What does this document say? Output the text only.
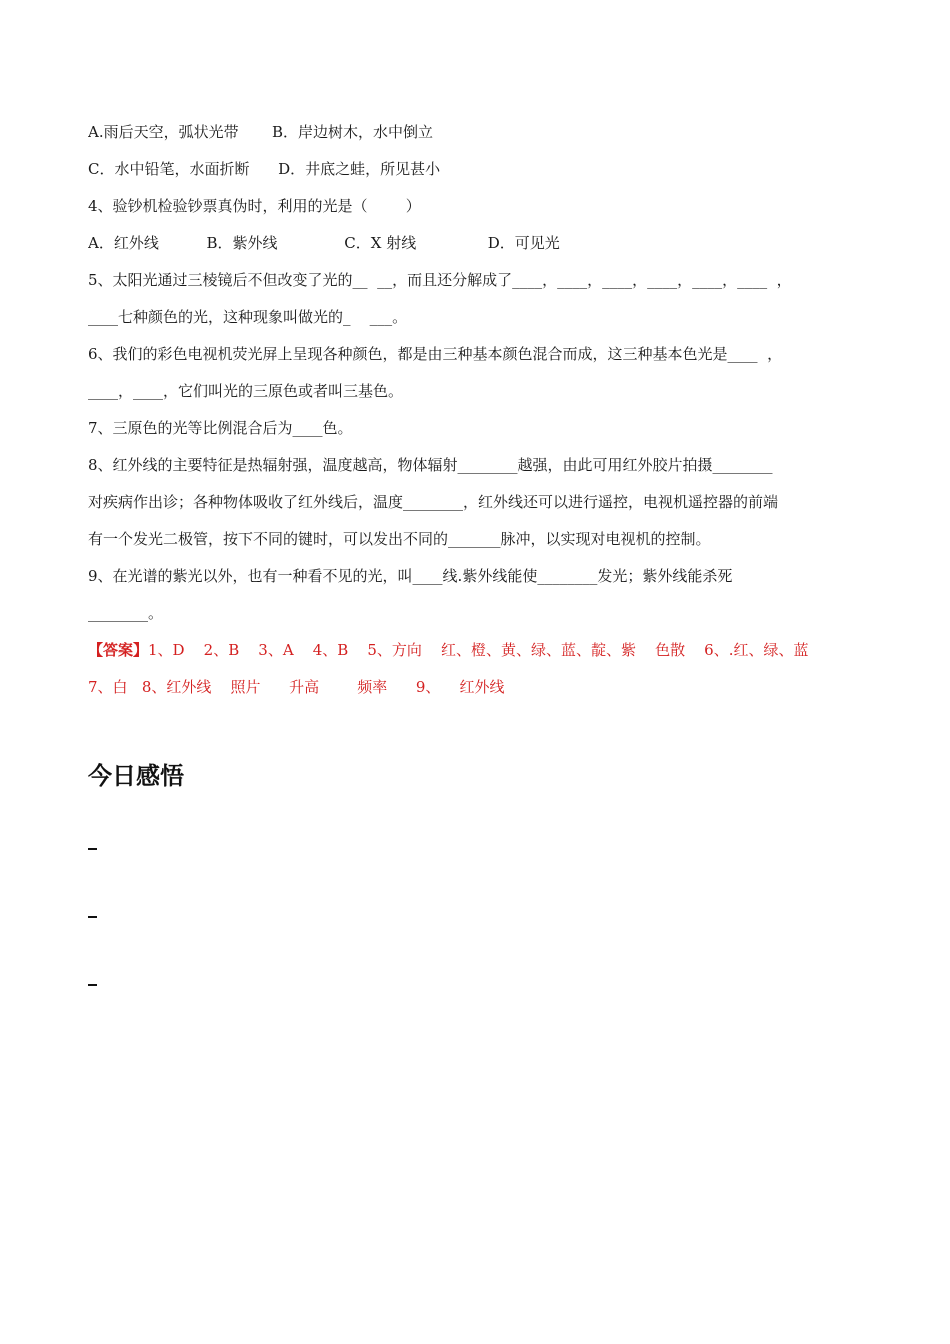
A.雨后天空，弧状光带       B．岸边树木，水中倒立
C．水中铅笔，水面折断      D．井底之蛙，所见甚小
4、验钞机检验钞票真伪时，利用的光是（        ）
A．红外线          B．紫外线              C．X 射线               D．可见光
5、太阳光通过三棱镜后不但改变了光的__  __，而且还分解成了____，____，____，____，____，____  ，
____七种颜色的光，这种现象叫做光的_    ___。
6、我们的彩色电视机荧光屏上呈现各种颜色，都是由三种基本颜色混合而成，这三种基本色光是____  ，
____，____，它们叫光的三原色或者叫三基色。
7、三原色的光等比例混合后为____色。
8、红外线的主要特征是热辐射强，温度越高，物体辐射________越强，由此可用红外胶片拍摄________
对疾病作出诊；各种物体吸收了红外线后，温度________，红外线还可以进行遥控，电视机遥控器的前端
有一个发光二极管，按下不同的键时，可以发出不同的_______脉冲，以实现对电视机的控制。
9、在光谱的紫光以外，也有一种看不见的光，叫____线.紫外线能使________发光；紫外线能杀死
________。
【答案】1、D    2、B    3、A    4、B    5、方向    红、橙、黄、绿、蓝、靛、紫    色散    6、.红、绿、蓝
7、白   8、红外线    照片      升高        频率      9、    红外线
今日感悟
